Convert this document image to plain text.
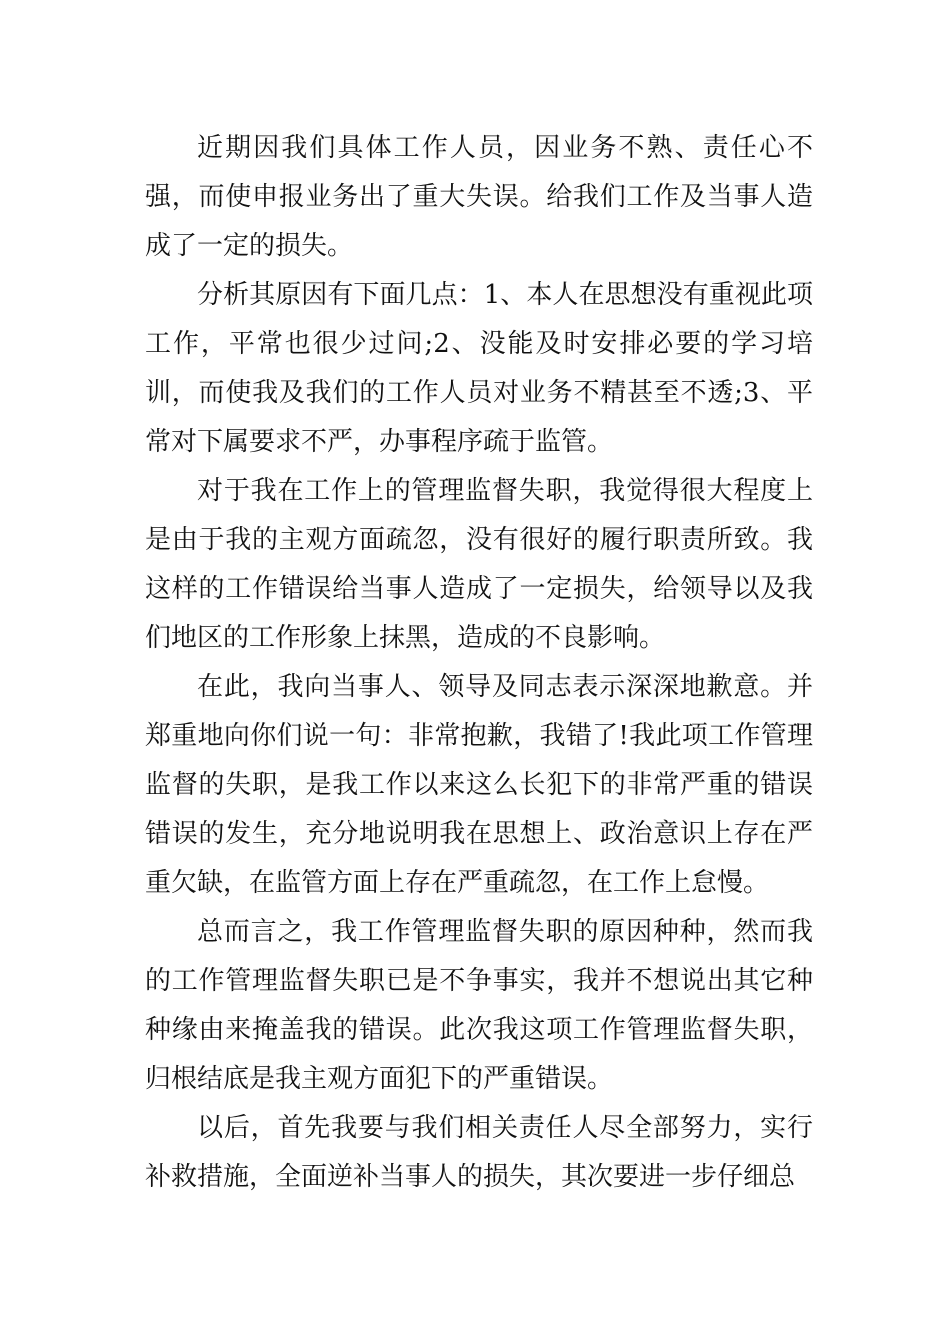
近期因我们具体工作人员，因业务不熟、责任心不强，而使申报业务出了重大失误。给我们工作及当事人造成了一定的损失。

分析其原因有下面几点：1、本人在思想没有重视此项工作，平常也很少过问;2、没能及时安排必要的学习培训，而使我及我们的工作人员对业务不精甚至不透;3、平常对下属要求不严，办事程序疏于监管。

对于我在工作上的管理监督失职，我觉得很大程度上是由于我的主观方面疏忽，没有很好的履行职责所致。我这样的工作错误给当事人造成了一定损失，给领导以及我们地区的工作形象上抹黑，造成的不良影响。

在此，我向当事人、领导及同志表示深深地歉意。并郑重地向你们说一句：非常抱歉，我错了!我此项工作管理监督的失职，是我工作以来这么长犯下的非常严重的错误错误的发生，充分地说明我在思想上、政治意识上存在严重欠缺，在监管方面上存在严重疏忽，在工作上怠慢。

总而言之，我工作管理监督失职的原因种种，然而我的工作管理监督失职已是不争事实，我并不想说出其它种种缘由来掩盖我的错误。此次我这项工作管理监督失职，归根结底是我主观方面犯下的严重错误。

以后，首先我要与我们相关责任人尽全部努力，实行补救措施，全面逆补当事人的损失，其次要进一步仔细总
